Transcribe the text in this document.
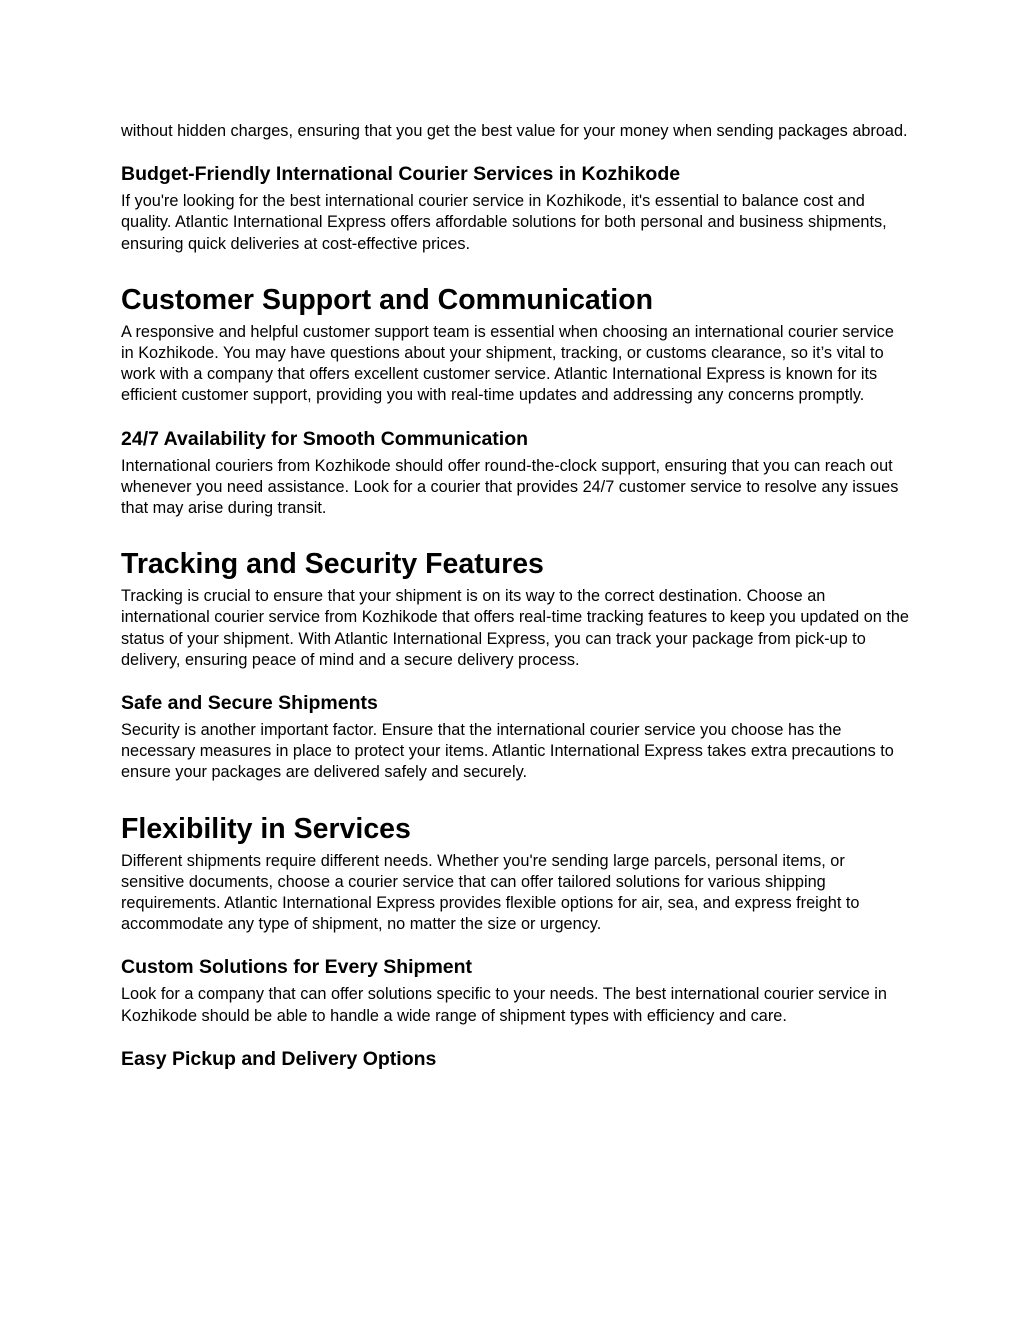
without hidden charges, ensuring that you get the best value for your money when sending packages abroad.

Budget-Friendly International Courier Services in Kozhikode

If you're looking for the best international courier service in Kozhikode, it's essential to balance cost and quality. Atlantic International Express offers affordable solutions for both personal and business shipments, ensuring quick deliveries at cost-effective prices.

Customer Support and Communication

A responsive and helpful customer support team is essential when choosing an international courier service in Kozhikode. You may have questions about your shipment, tracking, or customs clearance, so it’s vital to work with a company that offers excellent customer service. Atlantic International Express is known for its efficient customer support, providing you with real-time updates and addressing any concerns promptly.

24/7 Availability for Smooth Communication

International couriers from Kozhikode should offer round-the-clock support, ensuring that you can reach out whenever you need assistance. Look for a courier that provides 24/7 customer service to resolve any issues that may arise during transit.

Tracking and Security Features

Tracking is crucial to ensure that your shipment is on its way to the correct destination. Choose an international courier service from Kozhikode that offers real-time tracking features to keep you updated on the status of your shipment. With Atlantic International Express, you can track your package from pick-up to delivery, ensuring peace of mind and a secure delivery process.

Safe and Secure Shipments

Security is another important factor. Ensure that the international courier service you choose has the necessary measures in place to protect your items. Atlantic International Express takes extra precautions to ensure your packages are delivered safely and securely.

Flexibility in Services

Different shipments require different needs. Whether you're sending large parcels, personal items, or sensitive documents, choose a courier service that can offer tailored solutions for various shipping requirements. Atlantic International Express provides flexible options for air, sea, and express freight to accommodate any type of shipment, no matter the size or urgency.

Custom Solutions for Every Shipment

Look for a company that can offer solutions specific to your needs. The best international courier service in Kozhikode should be able to handle a wide range of shipment types with efficiency and care.

Easy Pickup and Delivery Options
